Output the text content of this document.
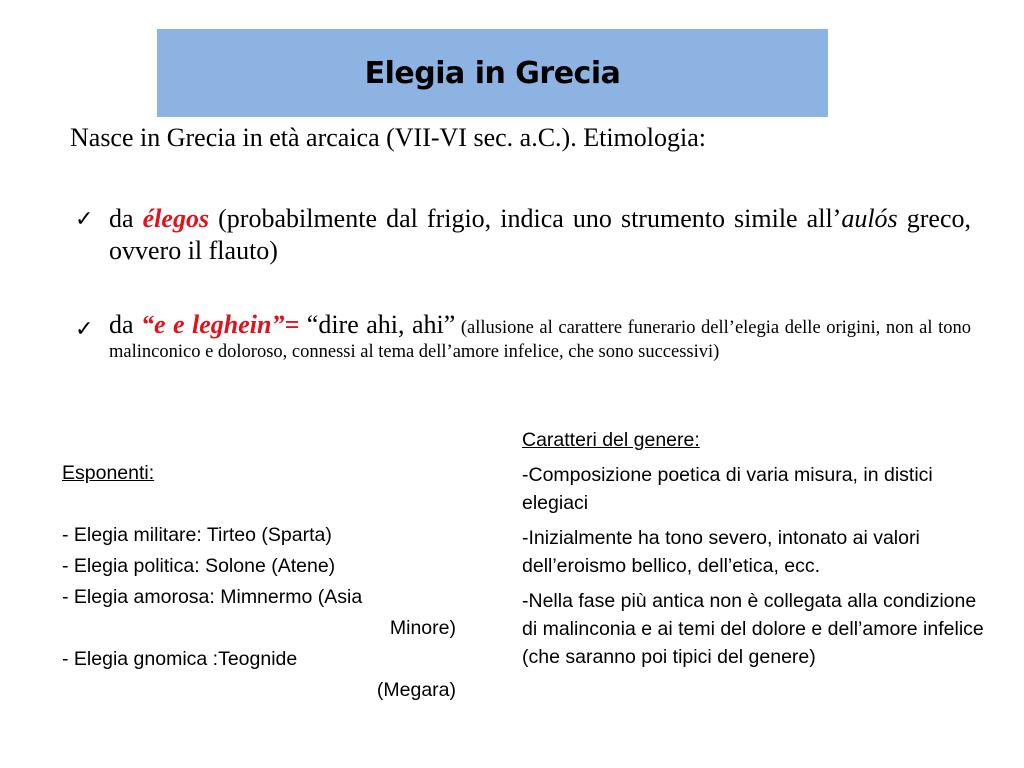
Elegia in Grecia
Nasce in Grecia in età arcaica (VII-VI sec. a.C.). Etimologia:
✓ da élegos (probabilmente dal frigio, indica uno strumento simile all’aulós greco, ovvero il flauto)
✓ da “e e leghein”= “dire ahi, ahi” (allusione al carattere funerario dell’elegia delle origini, non al tono malinconico e doloroso, connessi al tema dell’amore infelice, che sono successivi)
Esponenti:

- Elegia militare: Tirteo (Sparta)
- Elegia politica: Solone (Atene)
- Elegia amorosa: Mimnermo (Asia
Minore)
- Elegia gnomica :Teognide
(Megara)

Caratteri del genere:

-Composizione poetica di varia misura, in distici elegiaci

-Inizialmente ha tono severo, intonato ai valori dell’eroismo bellico, dell’etica, ecc.

-Nella fase più antica non è collegata alla condizione di malinconia e ai temi del dolore e dell’amore infelice (che saranno poi tipici del genere)
